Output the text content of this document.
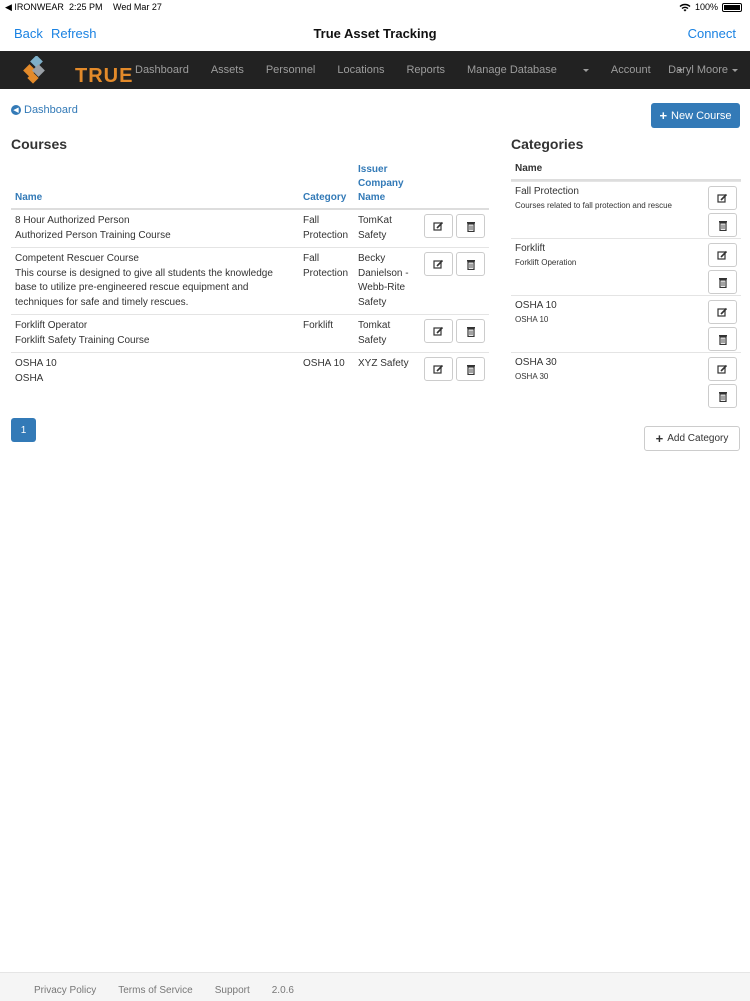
◀ IRONWEAR 2:25 PM Wed Mar 27	100%
Back Refresh	True Asset Tracking	Connect
TRUE Dashboard Assets Personnel Locations Reports Manage Database	Account	Daryl Moore
◀ Dashboard	+ New Course
Courses	Categories
Name	Category	Issuer
Company
Name	
8 Hour Authorized Person
Authorized Person Training Course	Fall Protection	TomKat Safety	

Competent Rescuer Course
This course is designed to give all students the knowledge base to utilize pre-engineered rescue equipment and techniques for safe and timely rescues.	Fall Protection	Becky Danielson - Webb-Rite Safety	

Forklift Operator
Forklift Safety Training Course	Forklift	Tomkat Safety	

OSHA 10
OSHA	OSHA 10	XYZ Safety	
1
Name
Fall Protection
Courses related to fall protection and rescue
Forklift
Forklift Operation
OSHA 10
OSHA 10
OSHA 30
OSHA 30
+ Add Category
Privacy Policy Terms of Service Support 2.0.6
